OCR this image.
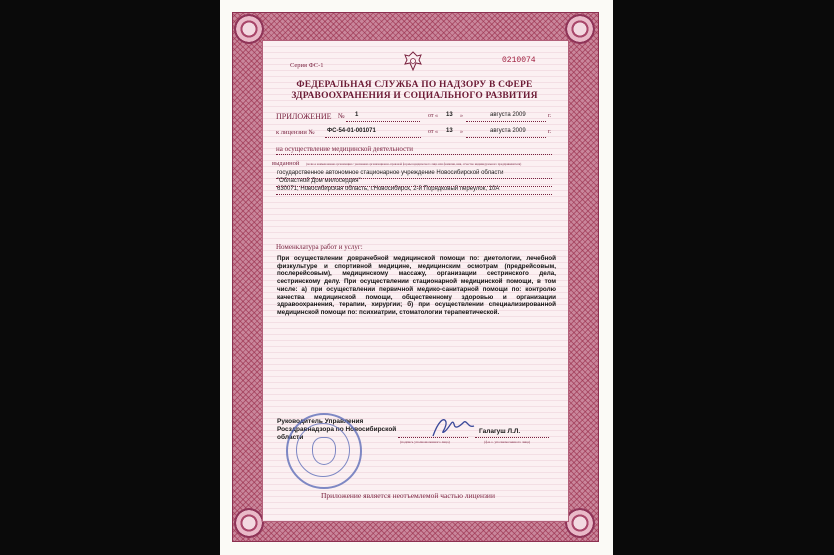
Серия ФС-1
0210074
ФЕДЕРАЛЬНАЯ СЛУЖБА ПО НАДЗОРУ В СФЕРЕ
ЗДРАВООХРАНЕНИЯ И СОЦИАЛЬНОГО РАЗВИТИЯ
ПРИЛОЖЕНИЕ № 1	от « 13 »	августа 2009	г.
к лицензии № ФС-54-01-001071	от « 13 »	августа 2009	г.
на осуществление медицинской деятельности
выданной (полное наименование организации с указанием организационно-правовой формы юридического лица или фамилия, имя, отчество индивидуального предпринимателя)
государственное автономное стационарное учреждение Новосибирской области
"Областной Дом милосердия"
630071, Новосибирская область, г.Новосибирск, 2-й Порядковый переулок, 10А
Номенклатура работ и услуг:
При осуществлении доврачебной медицинской помощи по: диетологии, лечебной физкультуре и спортивной медицине, медицинским осмотрам (предрейсовым, послерейсовым), медицинскому массажу, организации сестринского дела, сестринскому делу. При осуществлении стационарной медицинской помощи, в том числе: а) при осуществлении первичной медико-санитарной помощи по: контролю качества медицинской помощи, общественному здоровью и организации здравоохранения, терапии, хирургии; б) при осуществлении специализированной медицинской помощи по: психиатрии, стоматологии терапевтической.
Руководитель Управления
Росздравнадзора по Новосибирской
области
(подпись уполномоченного лица)
Галагуш Л.Л.
(ф.и.о. уполномоченного лица)
Приложение является неотъемлемой частью лицензии
